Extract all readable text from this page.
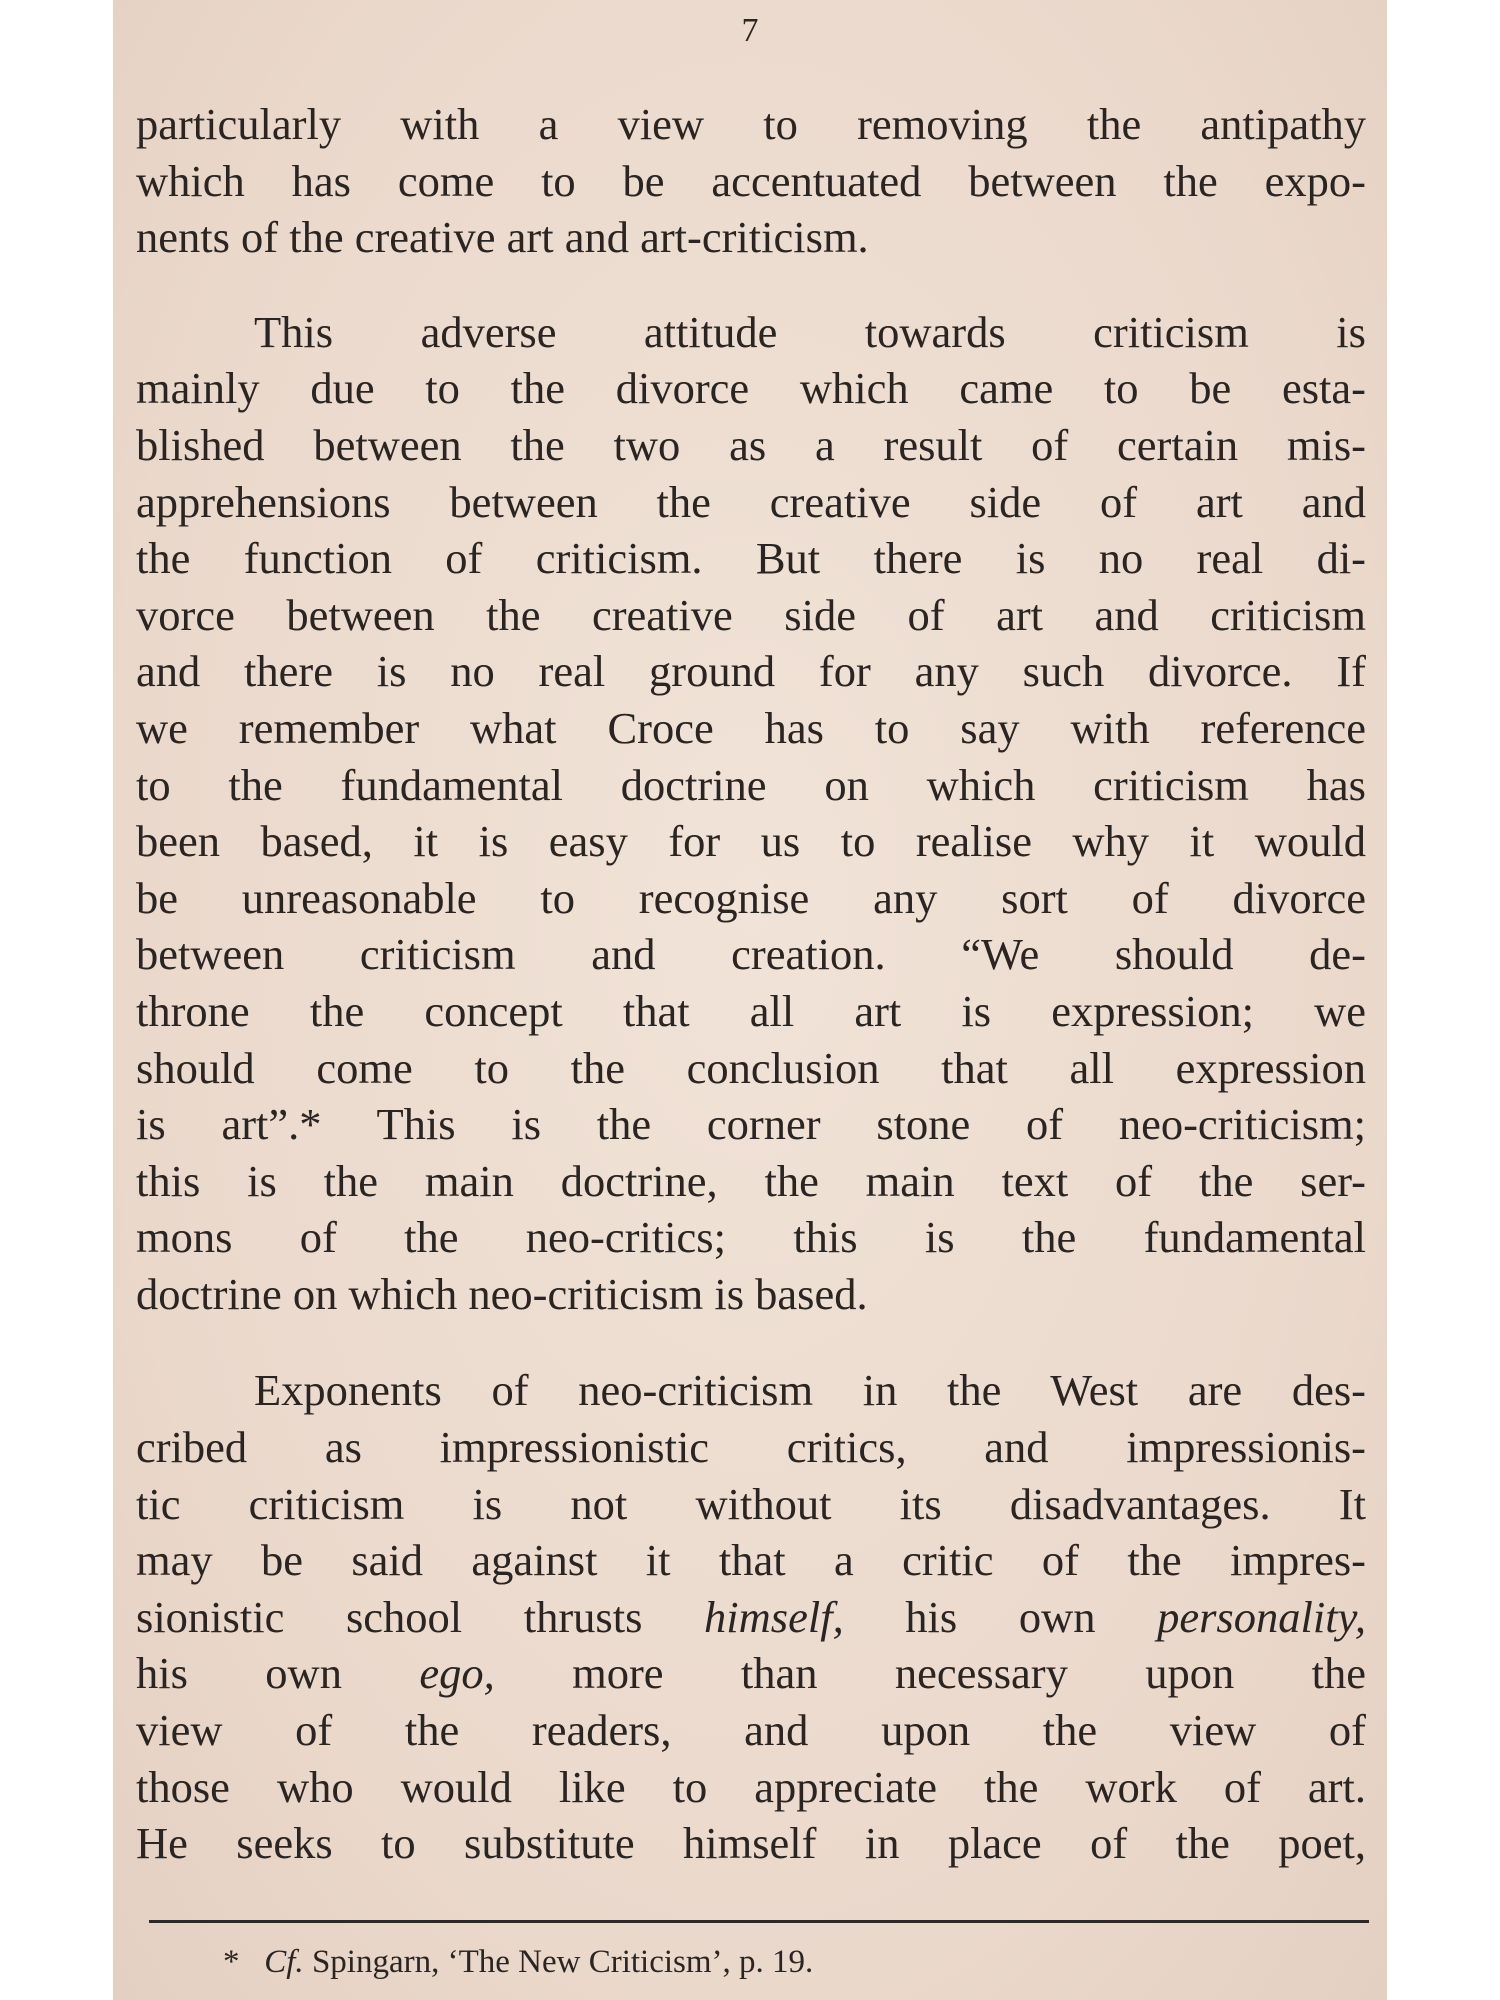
7
particularly with a view to removing the antipathy
which has come to be accentuated between the expo-
nents of the creative art and art-criticism.
This adverse attitude towards criticism is
mainly due to the divorce which came to be esta-
blished between the two as a result of certain mis-
apprehensions between the creative side of art and
the function of criticism. But there is no real di-
vorce between the creative side of art and criticism
and there is no real ground for any such divorce. If
we remember what Croce has to say with reference
to the fundamental doctrine on which criticism has
been based, it is easy for us to realise why it would
be unreasonable to recognise any sort of divorce
between criticism and creation. “We should de-
throne the concept that all art is expression; we
should come to the conclusion that all expression
is art”.* This is the corner stone of neo-criticism;
this is the main doctrine, the main text of the ser-
mons of the neo-critics; this is the fundamental
doctrine on which neo-criticism is based.
Exponents of neo-criticism in the West are des-
cribed as impressionistic critics, and impressionis-
tic criticism is not without its disadvantages. It
may be said against it that a critic of the impres-
sionistic school thrusts himself, his own personality,
his own ego, more than necessary upon the
view of the readers, and upon the view of
those who would like to appreciate the work of art.
He seeks to substitute himself in place of the poet,
* Cf. Spingarn, ‘The New Criticism’, p. 19.
